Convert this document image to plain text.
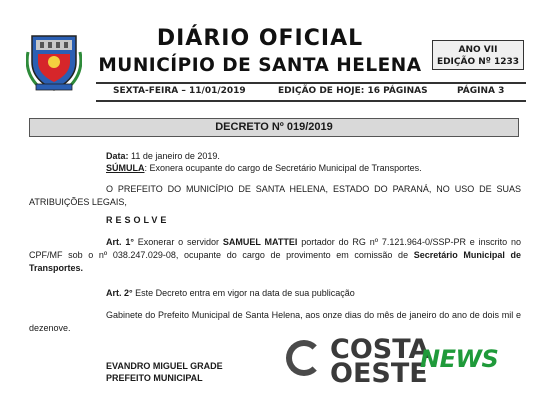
DIÁRIO OFICIAL
MUNICÍPIO DE SANTA HELENA
ANO VII
EDIÇÃO Nº 1233
SEXTA-FEIRA – 11/01/2019	EDIÇÃO DE HOJE: 16 PÁGINAS	PÁGINA 3
DECRETO Nº 019/2019
Data: 11 de janeiro de 2019.
SÚMULA: Exonera ocupante do cargo de Secretário Municipal de Transportes.
O PREFEITO DO MUNICÍPIO DE SANTA HELENA, ESTADO DO PARANÁ, NO USO DE SUAS ATRIBUIÇÕES LEGAIS,
RESOLVE
Art. 1° Exonerar o servidor SAMUEL MATTEI portador do RG nº 7.121.964-0/SSP-PR e inscrito no CPF/MF sob o nº 038.247.029-08, ocupante do cargo de provimento em comissão de Secretário Municipal de Transportes.
Art. 2° Este Decreto entra em vigor na data de sua publicação
Gabinete do Prefeito Municipal de Santa Helena, aos onze dias do mês de janeiro do ano de dois mil e dezenove.
EVANDRO MIGUEL GRADE
PREFEITO MUNICIPAL
COSTA
OESTE
NEWS
